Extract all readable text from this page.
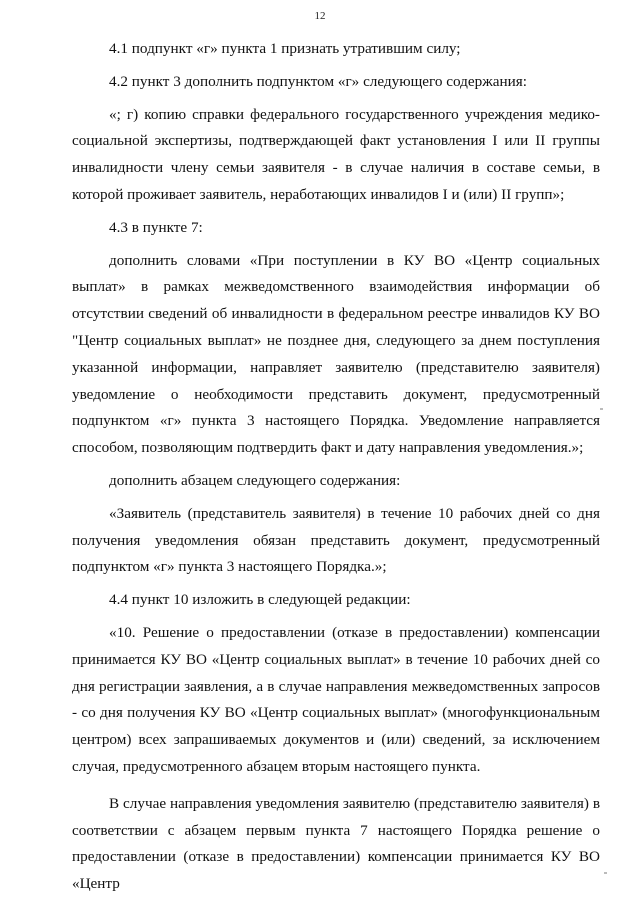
12

4.1 подпункт «г» пункта 1 признать утратившим силу;

4.2 пункт 3 дополнить подпунктом «г» следующего содержания:

«; г) копию справки федерального государственного учреждения медико-социальной экспертизы, подтверждающей факт установления I или II группы инвалидности члену семьи заявителя - в случае наличия в составе семьи, в которой проживает заявитель, неработающих инвалидов I и (или) II групп»;

4.3 в пункте 7:

дополнить словами «При поступлении в КУ ВО «Центр социальных выплат» в рамках межведомственного взаимодействия информации об отсутствии сведений об инвалидности в федеральном реестре инвалидов КУ ВО "Центр социальных выплат» не позднее дня, следующего за днем поступления указанной информации, направляет заявителю (представителю заявителя) уведомление о необходимости представить документ, предусмотренный подпунктом «г» пункта 3 настоящего Порядка. Уведомление направляется способом, позволяющим подтвердить факт и дату направления уведомления.»;

дополнить абзацем следующего содержания:

«Заявитель (представитель заявителя) в течение 10 рабочих дней со дня получения уведомления обязан представить документ, предусмотренный подпунктом «г» пункта 3 настоящего Порядка.»;

4.4 пункт 10 изложить в следующей редакции:

«10. Решение о предоставлении (отказе в предоставлении) компенсации принимается КУ ВО «Центр социальных выплат» в течение 10 рабочих дней со дня регистрации заявления, а в случае направления межведомственных запросов - со дня получения КУ ВО «Центр социальных выплат» (многофункциональным центром) всех запрашиваемых документов и (или) сведений, за исключением случая, предусмотренного абзацем вторым настоящего пункта.

В случае направления уведомления заявителю (представителю заявителя) в соответствии с абзацем первым пункта 7 настоящего Порядка решение о предоставлении (отказе в предоставлении) компенсации принимается КУ ВО «Центр
